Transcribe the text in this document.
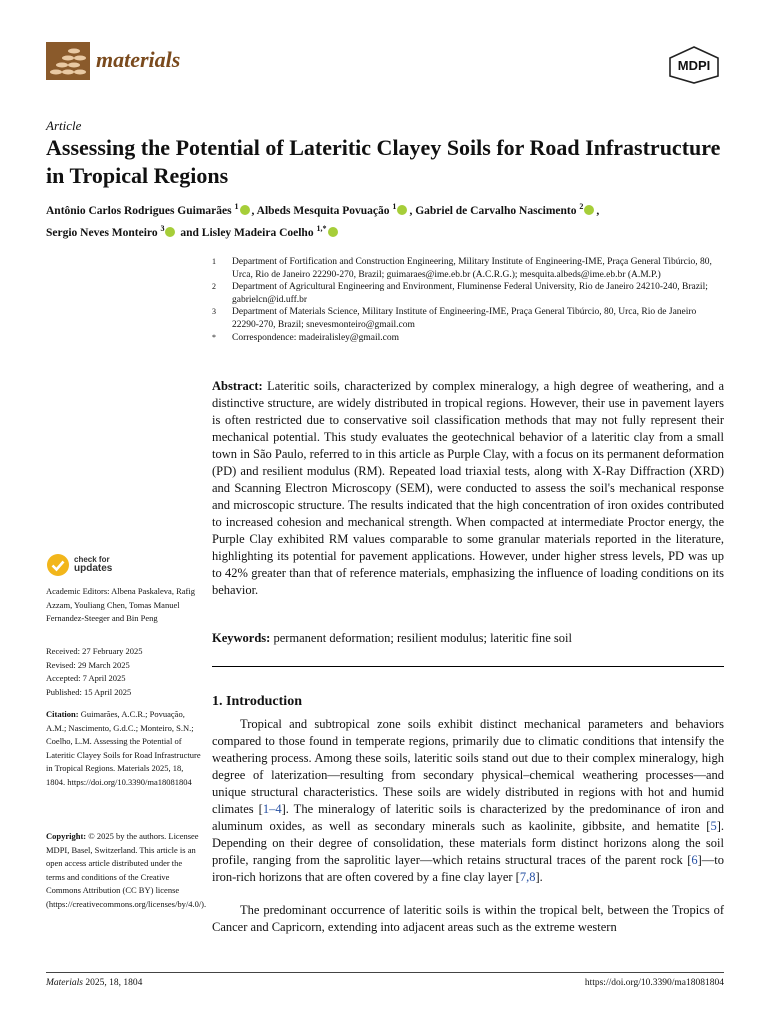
materials	MDPI
Article
Assessing the Potential of Lateritic Clayey Soils for Road Infrastructure in Tropical Regions
Antônio Carlos Rodrigues Guimarães $^1$ , Albeds Mesquita Povuação $^1$ , Gabriel de Carvalho Nascimento $^2$ ,
Sergio Neves Monteiro $^3$ and Lisley Madeira Coelho $^{1,*}$
1	Department of Fortification and Construction Engineering, Military Institute of Engineering-IME, Praça General Tibúrcio, 80, Urca, Rio de Janeiro 22290-270, Brazil; guimaraes@ime.eb.br (A.C.R.G.); mesquita.albeds@ime.eb.br (A.M.P.)
2	Department of Agricultural Engineering and Environment, Fluminense Federal University, Rio de Janeiro 24210-240, Brazil; gabrielcn@id.uff.br
3	Department of Materials Science, Military Institute of Engineering-IME, Praça General Tibúrcio, 80, Urca, Rio de Janeiro 22290-270, Brazil; snevesmonteiro@gmail.com
*	Correspondence: madeiralisley@gmail.com
Abstract: Lateritic soils, characterized by complex mineralogy, a high degree of weathering, and a distinctive structure, are widely distributed in tropical regions. However, their use in pavement layers is often restricted due to conservative soil classification methods that may not fully represent their mechanical potential. This study evaluates the geotechnical behavior of a lateritic clay from a small town in São Paulo, referred to in this article as Purple Clay, with a focus on its permanent deformation (PD) and resilient modulus (RM). Repeated load triaxial tests, along with X-Ray Diffraction (XRD) and Scanning Electron Microscopy (SEM), were conducted to assess the soil's mechanical response and microscopic structure. The results indicated that the high concentration of iron oxides contributed to increased cohesion and mechanical strength. When compacted at intermediate Proctor energy, the Purple Clay exhibited RM values comparable to some granular materials reported in the literature, highlighting its potential for pavement applications. However, under higher stress levels, PD was up to 42% greater than that of reference materials, emphasizing the influence of loading conditions on its behavior.
Keywords: permanent deformation; resilient modulus; lateritic fine soil
1. Introduction
Tropical and subtropical zone soils exhibit distinct mechanical parameters and behaviors compared to those found in temperate regions, primarily due to climatic conditions that intensify the weathering process. Among these soils, lateritic soils stand out due to their complex mineralogy, high degree of laterization—resulting from secondary physical–chemical weathering processes—and unique structural characteristics. These soils are widely distributed in regions with hot and humid climates [1–4]. The mineralogy of lateritic soils is characterized by the predominance of iron and aluminum oxides, as well as secondary minerals such as kaolinite, gibbsite, and hematite [5]. Depending on their degree of consolidation, these materials form distinct horizons along the soil profile, ranging from the saprolitic layer—which retains structural traces of the parent rock [6]—to iron-rich horizons that are often covered by a fine clay layer [7,8].
The predominant occurrence of lateritic soils is within the tropical belt, between the Tropics of Cancer and Capricorn, extending into adjacent areas such as the extreme western
check for
updates
Academic Editors: Albena Paskaleva, Rafig Azzam, Youliang Chen, Tomas Manuel Fernandez-Steeger and Bin Peng
Received: 27 February 2025
Revised: 29 March 2025
Accepted: 7 April 2025
Published: 15 April 2025
Citation: Guimarães, A.C.R.; Povuação, A.M.; Nascimento, G.d.C.; Monteiro, S.N.; Coelho, L.M. Assessing the Potential of Lateritic Clayey Soils for Road Infrastructure in Tropical Regions. Materials 2025, 18, 1804. https://doi.org/10.3390/ma18081804
Copyright: © 2025 by the authors. Licensee MDPI, Basel, Switzerland. This article is an open access article distributed under the terms and conditions of the Creative Commons Attribution (CC BY) license (https://creativecommons.org/licenses/by/4.0/).
Materials 2025, 18, 1804	https://doi.org/10.3390/ma18081804
